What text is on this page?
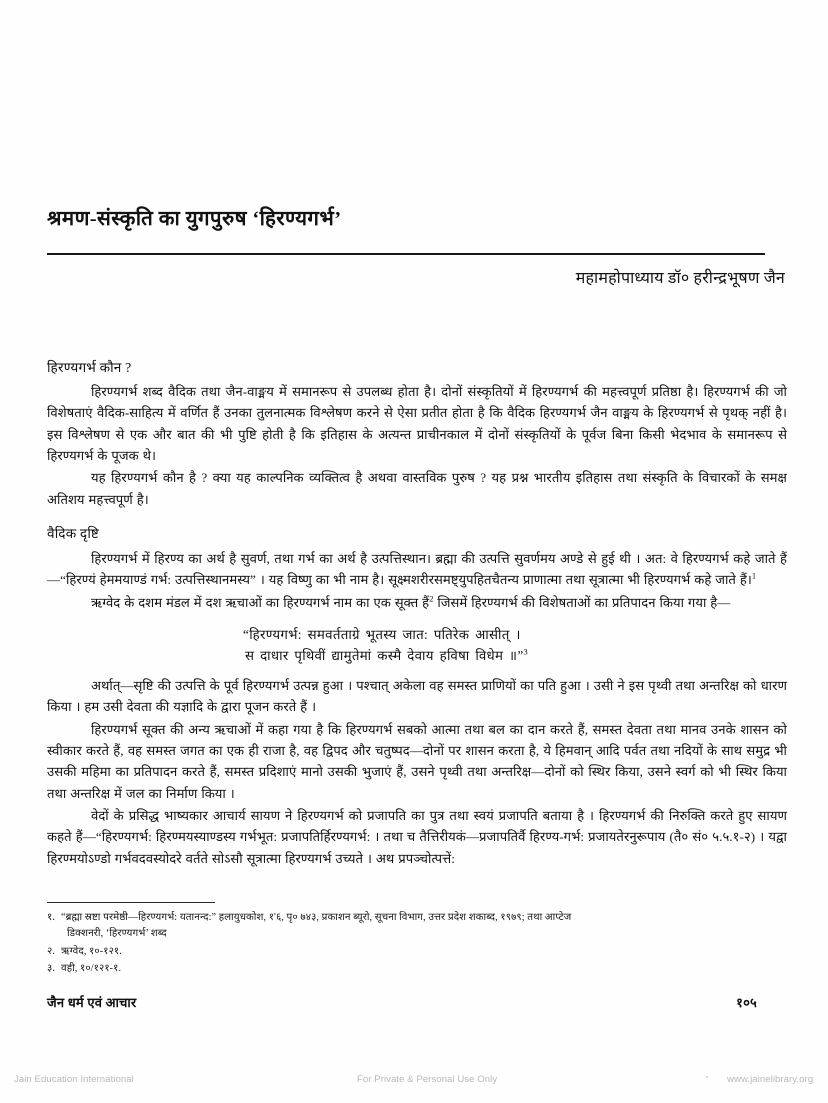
श्रमण-संस्कृति का युगपुरुष ‘हिरण्यगर्भ’
महामहोपाध्याय डॉ० हरीन्द्रभूषण जैन
हिरण्यगर्भ कौन ?

हिरण्यगर्भ शब्द वैदिक तथा जैन-वाङ्मय में समानरूप से उपलब्ध होता है। दोनों संस्कृतियों में हिरण्यगर्भ की महत्त्वपूर्ण प्रतिष्ठा है। हिरण्यगर्भ की जो विशेषताएं वैदिक-साहित्य में वर्णित हैं उनका तुलनात्मक विश्लेषण करने से ऐसा प्रतीत होता है कि वैदिक हिरण्यगर्भ जैन वाङ्मय के हिरण्यगर्भ से पृथक् नहीं है। इस विश्लेषण से एक और बात की भी पुष्टि होती है कि इतिहास के अत्यन्त प्राचीनकाल में दोनों संस्कृतियों के पूर्वज बिना किसी भेदभाव के समानरूप से हिरण्यगर्भ के पूजक थे।

यह हिरण्यगर्भ कौन है ? क्या यह काल्पनिक व्यक्तित्व है अथवा वास्तविक पुरुष ? यह प्रश्न भारतीय इतिहास तथा संस्कृति के विचारकों के समक्ष अतिशय महत्त्वपूर्ण है।

वैदिक दृष्टि

हिरण्यगर्भ में हिरण्य का अर्थ है सुवर्ण, तथा गर्भ का अर्थ है उत्पत्तिस्थान। ब्रह्मा की उत्पत्ति सुवर्णमय अण्डे से हुई थी । अत: वे हिरण्यगर्भ कहे जाते हैं—“हिरण्यं हेममयाण्डं गर्भ: उत्पत्तिस्थानमस्य” । यह विष्णु का भी नाम है। सूक्ष्मशरीरसमष्ट्युपहितचैतन्य प्राणात्मा तथा सूत्रात्मा भी हिरण्यगर्भ कहे जाते हैं।$^1$

ऋग्वेद के दशम मंडल में दश ऋचाओं का हिरण्यगर्भ नाम का एक सूक्त हैं$^2$ जिसमें हिरण्यगर्भ की विशेषताओं का प्रतिपादन किया गया है—

“हिरण्यगर्भ: समवर्तताग्रे भूतस्य जात: पतिरेक आसीत् ।
स दाधार पृथिवीं द्यामुतेमां कस्मै देवाय हविषा विधेम ॥”$^3$

अर्थात्—सृष्टि की उत्पत्ति के पूर्व हिरण्यगर्भ उत्पन्न हुआ । पश्चात् अकेला वह समस्त प्राणियों का पति हुआ । उसी ने इस पृथ्वी तथा अन्तरिक्ष को धारण किया । हम उसी देवता की यज्ञादि के द्वारा पूजन करते हैं ।

हिरण्यगर्भ सूक्त की अन्य ऋचाओं में कहा गया है कि हिरण्यगर्भ सबको आत्मा तथा बल का दान करते हैं, समस्त देवता तथा मानव उनके शासन को स्वीकार करते हैं, वह समस्त जगत का एक ही राजा है, वह द्विपद और चतुष्पद—दोनों पर शासन करता है, ये हिमवान् आदि पर्वत तथा नदियों के साथ समुद्र भी उसकी महिमा का प्रतिपादन करते हैं, समस्त प्रदिशाएं मानो उसकी भुजाएं हैं, उसने पृथ्वी तथा अन्तरिक्ष—दोनों को स्थिर किया, उसने स्वर्ग को भी स्थिर किया तथा अन्तरिक्ष में जल का निर्माण किया ।

वेदों के प्रसिद्ध भाष्यकार आचार्य सायण ने हिरण्यगर्भ को प्रजापति का पुत्र तथा स्वयं प्रजापति बताया है । हिरण्यगर्भ की निरुक्ति करते हुए सायण कहते हैं—“हिरण्यगर्भ: हिरण्मयस्याण्डस्य गर्भभूत: प्रजापतिर्हिरण्यगर्भ: । तथा च तैत्तिरीयकं—प्रजापतिर्वै हिरण्य-गर्भ: प्रजायतेरनुरूपाय (तै० सं० ५.५.१-२) । यद्वा हिरण्मयोऽण्डो गर्भवदवस्योदरे वर्तते सोऽसौ सूत्रात्मा हिरण्यगर्भ उच्यते । अथ प्रपञ्चोत्पत्तें:

१. “ब्रह्मा स्रष्टा परमेष्ठी—हिरण्यगर्भ: यतानन्द:” हलायुधकोश, १'६, पृ० ७४३, प्रकाशन ब्यूरो, सूचना विभाग, उत्तर प्रदेश शकाब्द, १९७९; तथा आप्टेज
डिक्शनरी, ‘हिरण्यगर्भ’ शब्द
२. ऋग्वेद, १०-१२१.
३. वही, १०/१२१-१.
जैन धर्म एवं आचार	१०५
Jain Education International	For Private & Personal Use Only	www.jainelibrary.org
